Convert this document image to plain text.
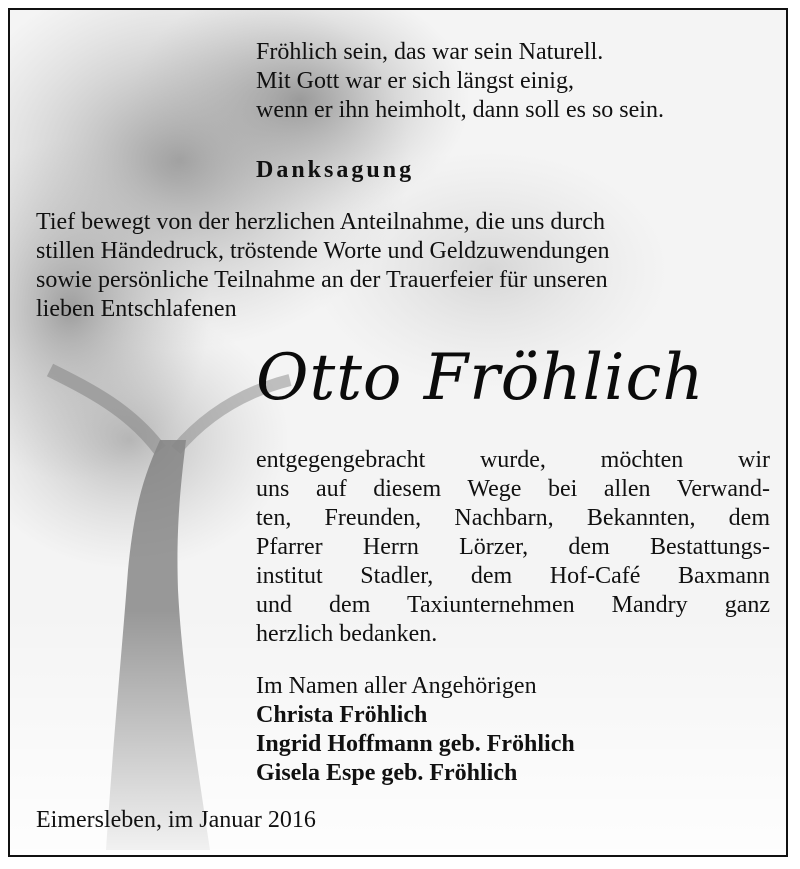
Fröhlich sein, das war sein Naturell.
Mit Gott war er sich längst einig,
wenn er ihn heimholt, dann soll es so sein.
Danksagung
Tief bewegt von der herzlichen Anteilnahme, die uns durch
stillen Händedruck, tröstende Worte und Geldzuwendungen
sowie persönliche Teilnahme an der Trauerfeier für unseren
lieben Entschlafenen
Otto Fröhlich
entgegengebracht wurde, möchten wir
uns auf diesem Wege bei allen Verwand-
ten, Freunden, Nachbarn, Bekannten, dem
Pfarrer Herrn Lörzer, dem Bestattungs-
institut Stadler, dem Hof-Café Baxmann
und dem Taxiunternehmen Mandry ganz
herzlich bedanken.
Im Namen aller Angehörigen
Christa Fröhlich
Ingrid Hoffmann geb. Fröhlich
Gisela Espe geb. Fröhlich
Eimersleben, im Januar 2016
